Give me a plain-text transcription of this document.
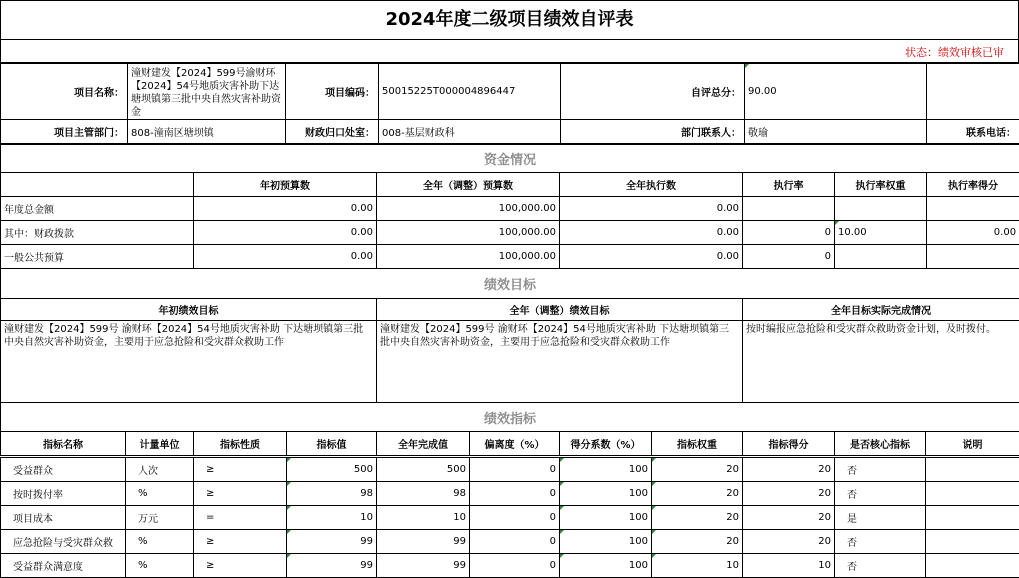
2024年度二级项目绩效自评表
状态：绩效审核已审
项目名称：	潼财建发【2024】599号渝财环【2024】54号地质灾害补助下达塘坝镇第三批中央自然灾害补助资金	项目编码：	50015225T000004896447	自评总分：	90.00		
项目主管部门：	808-潼南区塘坝镇	财政归口处室：	008-基层财政科	部门联系人：	敬瑜	联系电话：	
资金情况						
	年初预算数	全年（调整）预算数	全年执行数	执行率	执行率权重	执行率得分
年度总金额	0.00	100,000.00	0.00			
其中：财政拨款	0.00	100,000.00	0.00	0	10.00	0.00
一般公共预算	0.00	100,000.00	0.00	0		
绩效目标		
年初绩效目标	全年（调整）绩效目标	全年目标实际完成情况
潼财建发【2024】599号 渝财环【2024】54号地质灾害补助 下达塘坝镇第三批中央自然灾害补助资金，主要用于应急抢险和受灾群众救助工作	潼财建发【2024】599号 渝财环【2024】54号地质灾害补助 下达塘坝镇第三批中央自然灾害补助资金，主要用于应急抢险和受灾群众救助工作	按时编报应急抢险和受灾群众救助资金计划，及时拨付。
绩效指标
指标名称	计量单位	指标性质	指标值	全年完成值	偏离度（%）	得分系数（%）	指标权重	指标得分	是否核心指标	说明
受益群众	人次	≥	500	500	0	100	20	20	否	
按时拨付率	%	≥	98	98	0	100	20	20	否	
项目成本	万元	=	10	10	0	100	20	20	是	
应急抢险与受灾群众救	%	≥	99	99	0	100	20	20	否	
受益群众满意度	%	≥	99	99	0	100	10	10	否	
